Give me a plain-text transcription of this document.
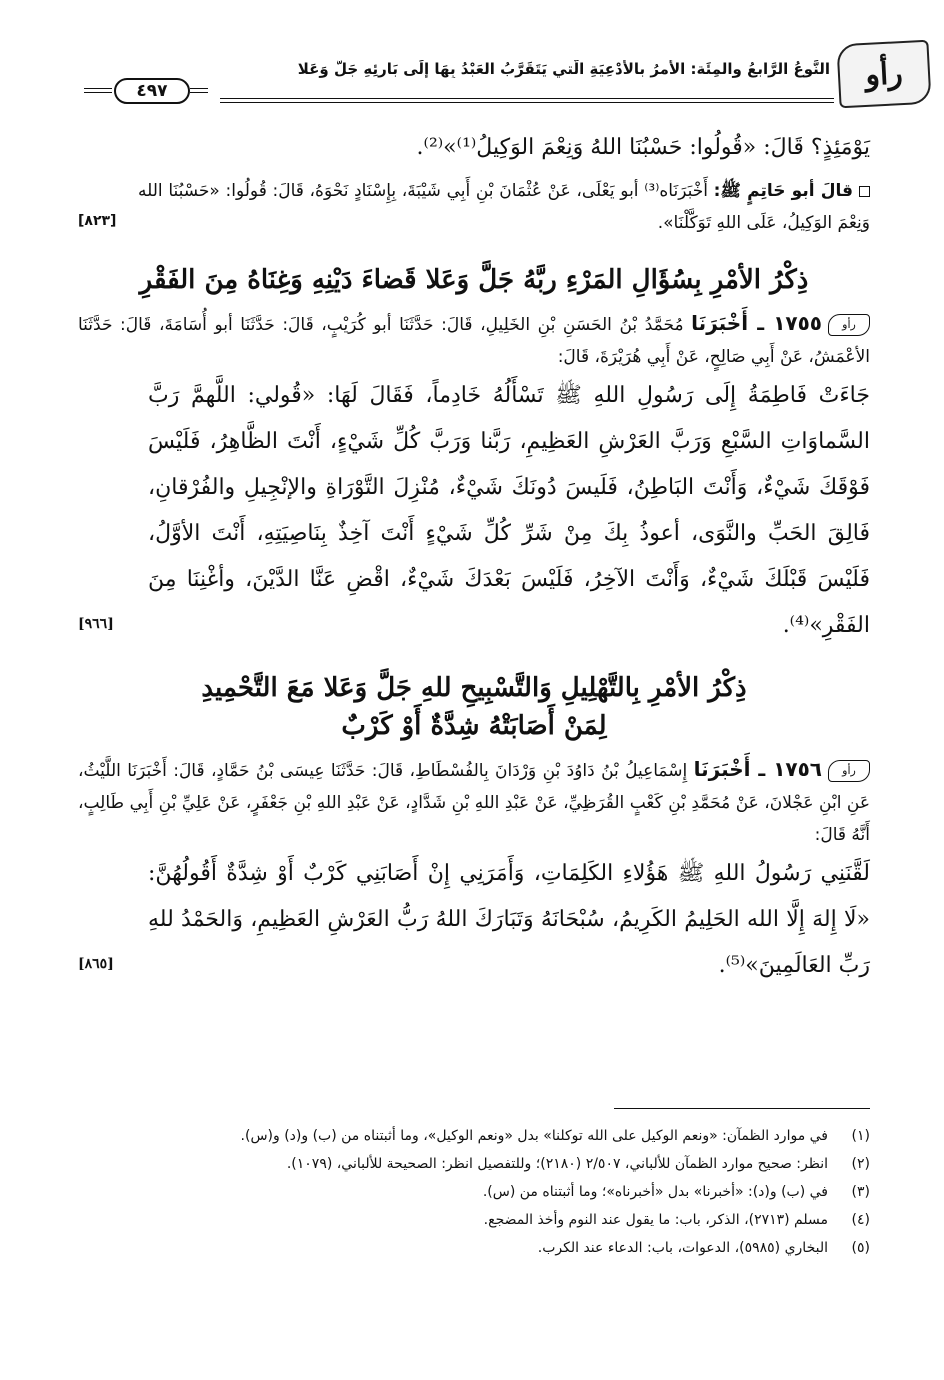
رأو
النَّوعُ الرَّابعُ والمِئَة: الأمرُ بالأدْعِيَةِ الَّتي يَتَقَرَّبُ العَبْدُ بِهَا إلَى بَارِئِهِ جَلَّ وَعَلا
٤٩٧

يَوْمَئِذٍ؟ قَالَ: «قُولُوا: حَسْبُنَا اللهُ وَنِعْمَ الوَكِيلُ⁽¹⁾»⁽²⁾.

قالَ أبو حَاتِمٍ ﷺ: أَخْبَرَنَاه⁽³⁾ أبو يَعْلَى، عَنْ عُثْمَانَ بْنِ أَبِي شَيْبَةَ، بِإِسْنَادٍ نَحْوَهُ، قَالَ: قُولُوا: «حَسْبُنَا الله وَنِعْمَ الوَكِيلُ، عَلَى اللهِ تَوَكَّلْنَا».
[٨٢٣]

ذِكْرُ الأمْرِ بِسُؤَالِ المَرْءِ ربَّهُ جَلَّ وَعَلا قَضاءَ دَيْنِهِ وَغِنَاهُ مِنَ الفَقْرِ

رأو١٧٥٥ ـ أَخْبَرَنَا مُحَمَّدُ بْنُ الحَسَنِ بْنِ الخَلِيلِ، قَالَ: حَدَّثَنَا أبو كُرَيْبٍ، قَالَ: حَدَّثَنَا أبو أُسَامَةَ، قَالَ: حَدَّثَنَا الأعْمَشُ، عَنْ أَبِي صَالِحٍ، عَنْ أَبِي هُرَيْرَةَ، قَالَ:

جَاءَتْ فَاطِمَةُ إِلَى رَسُولِ اللهِ ﷺ تَسْأَلُهُ خَادِماً، فَقَالَ لَهَا: «قُولي: اللَّهمَّ رَبَّ السَّماوَاتِ السَّبْعِ وَرَبَّ العَرْشِ العَظِيمِ، رَبَّنا وَرَبَّ كُلِّ شَيْءٍ، أَنْتَ الظَّاهِرُ، فَلَيْسَ فَوْقَكَ شَيْءٌ، وَأَنْتَ البَاطِنُ، فَلَيسَ دُونَكَ شَيْءٌ، مُنْزِلَ التَّوْرَاةِ والإنْجِيلِ والفُرْقانِ، فَالِقَ الحَبِّ والنَّوَى، أعوذُ بِكَ مِنْ شَرِّ كُلِّ شَيْءٍ أَنْتَ آخِذٌ بِنَاصِيَتِهِ، أَنْتَ الأوَّلُ، فَلَيْسَ قَبْلَكَ شَيْءٌ، وَأَنْتَ الآخِرُ، فَلَيْسَ بَعْدَكَ شَيْءٌ، اقْضِ عَنَّا الدَّيْنَ، وأغْنِنَا مِنَ الفَقْرِ»⁽⁴⁾.
[٩٦٦]

ذِكْرُ الأمْرِ بِالتَّهْلِيلِ وَالتَّسْبِيحِ للهِ جَلَّ وَعَلا مَعَ التَّحْمِيدِ
لِمَنْ أَصَابَتْهُ شِدَّةٌ أَوْ كَرْبٌ

رأو١٧٥٦ ـ أَخْبَرَنَا إِسْمَاعِيلُ بْنُ دَاوُدَ بْنِ وَرْدَانَ بِالفُسْطَاطِ، قَالَ: حَدَّثَنَا عِيسَى بْنُ حَمَّادٍ، قَالَ: أَخْبَرَنَا اللَّيْثُ، عَنِ ابْنِ عَجْلانَ، عَنْ مُحَمَّدِ بْنِ كَعْبٍ القُرَظِيِّ، عَنْ عَبْدِ اللهِ بْنِ شَدَّادٍ، عَنْ عَبْدِ اللهِ بْنِ جَعْفَرٍ، عَنْ عَلِيِّ بْنِ أَبِي طَالِبٍ، أَنَّهُ قَالَ:

لَقَّنَنِي رَسُولُ اللهِ ﷺ هَؤُلاءِ الكَلِمَاتِ، وَأَمَرَنِي إِنْ أَصَابَنِي كَرْبٌ أَوْ شِدَّةٌ أَقُولُهُنَّ: «لَا إِلهَ إِلَّا الله الحَلِيمُ الكَرِيمُ، سُبْحَانَهُ وَتَبَارَكَ اللهُ رَبُّ العَرْشِ العَظِيمِ، وَالحَمْدُ للهِ رَبِّ العَالَمِينَ»⁽⁵⁾.
[٨٦٥]

(١)
في موارد الظمآن: «ونعم الوكيل على الله توكلنا» بدل «ونعم الوكيل»، وما أثبتناه من (ب) و(د) و(س).
(٢)
انظر: صحيح موارد الظمآن للألباني، ٢/٥٠٧ (٢١٨٠)؛ وللتفصيل انظر: الصحيحة للألباني، (١٠٧٩).
(٣)
في (ب) و(د): «أخبرنا» بدل «أخبرناه»؛ وما أثبتناه من (س).
(٤)
مسلم (٢٧١٣)، الذكر، باب: ما يقول عند النوم وأخذ المضجع.
(٥)
البخاري (٥٩٨٥)، الدعوات، باب: الدعاء عند الكرب.
